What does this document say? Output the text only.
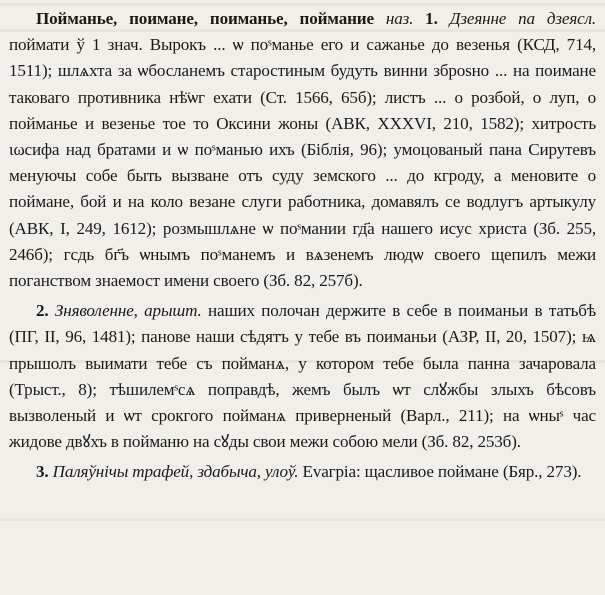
Пойманье, поимане, поиманье, поймание наз. 1. Дзеянне па дзеясл. поймати ў 1 знач. Вырокъ ... ѡ поˢманье его и сажанье до везенья (КСД, 714, 1511); шлѧхта за ѡбосланемъ старостиным будуть винни зброѕно ... на поимане таковаго противника нѣ̈ѡг ехати (Ст. 1566, 65б); листъ ... о розбой, о луп, о пойманье и везенье тое то Оксини жоны (АВК, XXXVI, 210, 1582); хитрость ιωсифа над братами и ѡ поˢманью ихъ (Біблія, 96); умоцованый пана Сирутевъ менуючы собе быть вызване отъ суду земского ... до кгроду, а меновите о поймане, бой и на коло везане слуги работника, домавялъ се водлугъ артыкулу (АВК, І, 249, 1612); розмышлѧне ѡ поˢмании гд҃а нашего исус христа (Зб. 255, 246б); гсдь бг҃ъ ѡнымъ поˢманемъ и вѧзенемъ людѡ своего щепилъ межи поганством знаемост имени своего (Зб. 82, 257б).

2. Зняволенне, арышт. наших полочан держите в себе в поиманьи в татьбѣ (ПГ, ІІ, 96, 1481); панове наши сѣдятъ у тебе въ поиманьи (АЗР, ІІ, 20, 1507); ѩ прышолъ выимати тебе съ пойманѧ, у котором тебе была панна зачаровала (Трыст., 8); тѣшилемˢсѧ поправдѣ, жемъ былъ ѡт слꙋжбы злыхъ бѣсовъ вызволеный и ѡт срокгого пойманѧ приверненый (Варл., 211); на ѡныˢ час жидове двꙋхъ в пойманю на сꙋды свои межи собою мели (Зб. 82, 253б).

3. Паляўнічы трафей, здабыча, улоў. Evагріа: щасливое поймане (Бяр., 273).
